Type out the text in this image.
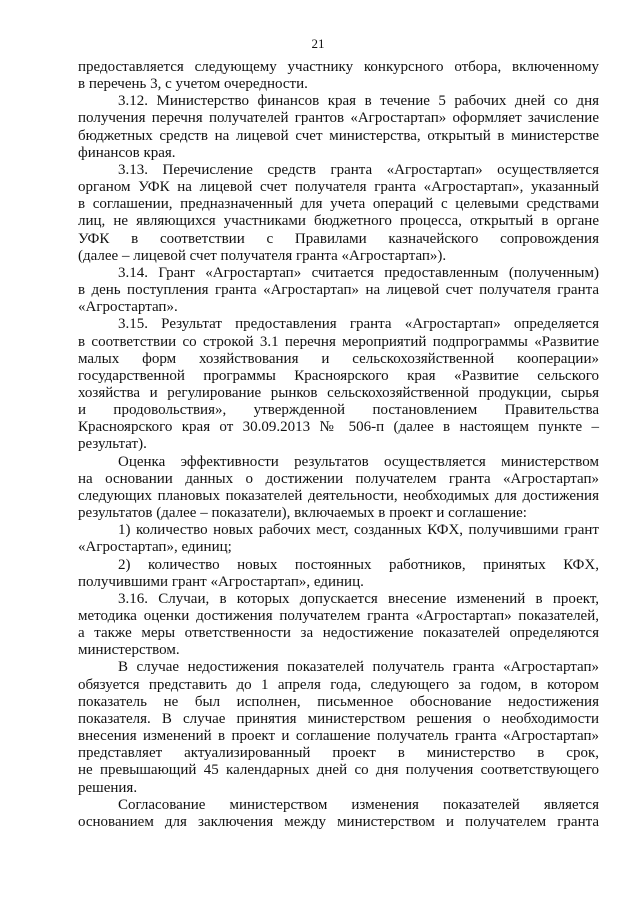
21
предоставляется следующему участнику конкурсного отбора, включенному
в перечень 3, с учетом очередности.
3.12. Министерство финансов края в течение 5 рабочих дней со дня
получения перечня получателей грантов «Агростартап» оформляет зачисление
бюджетных средств на лицевой счет министерства, открытый в министерстве
финансов края.
3.13. Перечисление средств гранта «Агростартап» осуществляется
органом УФК на лицевой счет получателя гранта «Агростартап», указанный
в соглашении, предназначенный для учета операций с целевыми средствами
лиц, не являющихся участниками бюджетного процесса, открытый в органе
УФК в соответствии с Правилами казначейского сопровождения
(далее – лицевой счет получателя гранта «Агростартап»).
3.14. Грант «Агростартап» считается предоставленным (полученным)
в день поступления гранта «Агростартап» на лицевой счет получателя гранта
«Агростартап».
3.15. Результат предоставления гранта «Агростартап» определяется
в соответствии со строкой 3.1 перечня мероприятий подпрограммы «Развитие
малых форм хозяйствования и сельскохозяйственной кооперации»
государственной программы Красноярского края «Развитие сельского
хозяйства и регулирование рынков сельскохозяйственной продукции, сырья
и продовольствия», утвержденной постановлением Правительства
Красноярского края от 30.09.2013 № 506-п (далее в настоящем пункте –
результат).
Оценка эффективности результатов осуществляется министерством
на основании данных о достижении получателем гранта «Агростартап»
следующих плановых показателей деятельности, необходимых для достижения
результатов (далее – показатели), включаемых в проект и соглашение:
1) количество новых рабочих мест, созданных КФХ, получившими грант
«Агростартап», единиц;
2) количество новых постоянных работников, принятых КФХ,
получившими грант «Агростартап», единиц.
3.16. Случаи, в которых допускается внесение изменений в проект,
методика оценки достижения получателем гранта «Агростартап» показателей,
а также меры ответственности за недостижение показателей определяются
министерством.
В случае недостижения показателей получатель гранта «Агростартап»
обязуется представить до 1 апреля года, следующего за годом, в котором
показатель не был исполнен, письменное обоснование недостижения
показателя. В случае принятия министерством решения о необходимости
внесения изменений в проект и соглашение получатель гранта «Агростартап»
представляет актуализированный проект в министерство в срок,
не превышающий 45 календарных дней со дня получения соответствующего
решения.
Согласование министерством изменения показателей является
основанием для заключения между министерством и получателем гранта
